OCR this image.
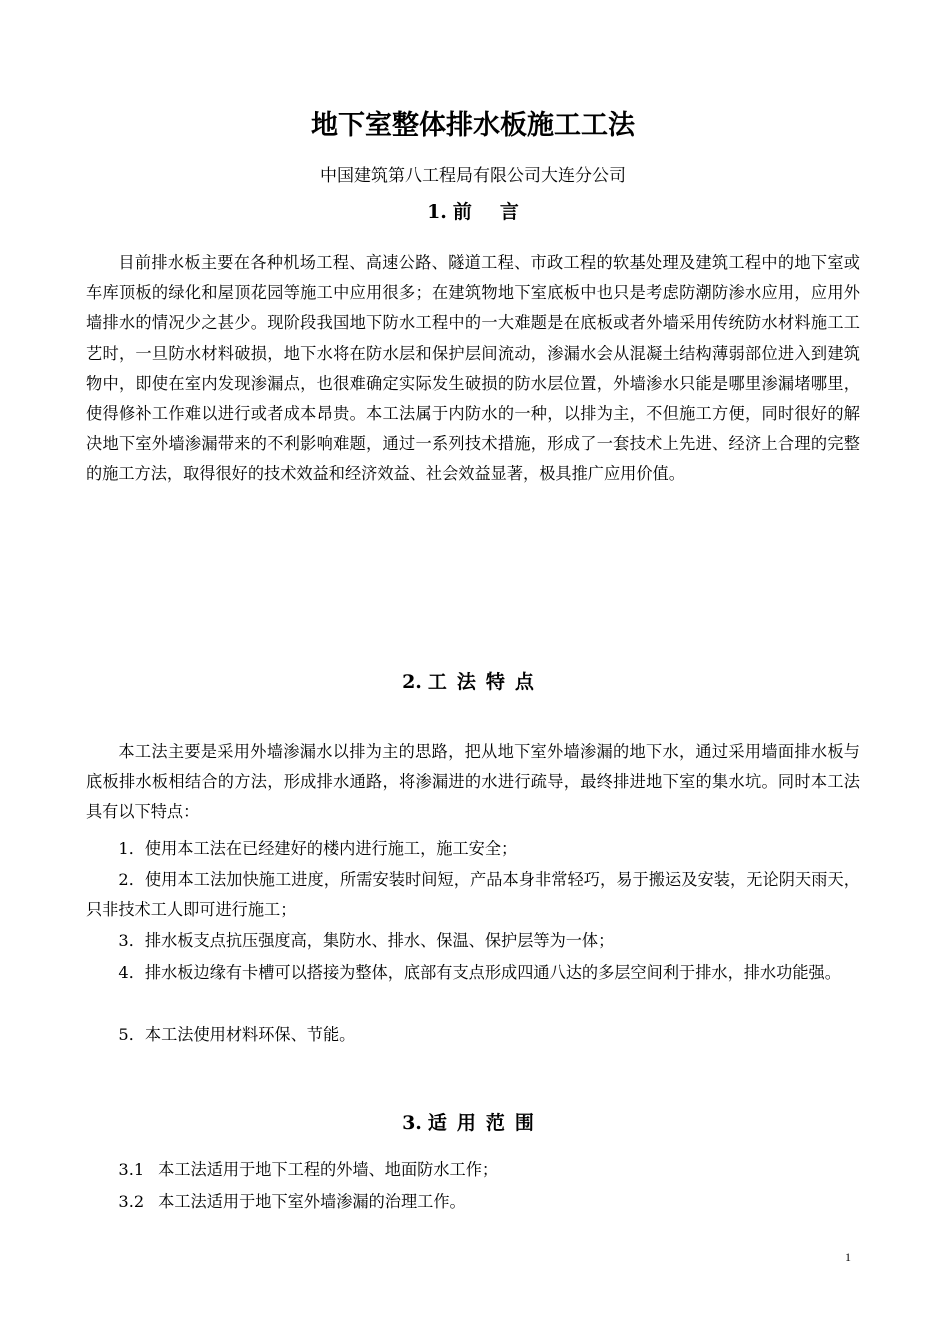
地下室整体排水板施工工法
中国建筑第八工程局有限公司大连分公司
1. 前言

目前排水板主要在各种机场工程、高速公路、隧道工程、市政工程的软基处理及建筑工程中的地下室或车库顶板的绿化和屋顶花园等施工中应用很多；在建筑物地下室底板中也只是考虑防潮防渗水应用，应用外墙排水的情况少之甚少。现阶段我国地下防水工程中的一大难题是在底板或者外墙采用传统防水材料施工工艺时，一旦防水材料破损，地下水将在防水层和保护层间流动，渗漏水会从混凝土结构薄弱部位进入到建筑物中，即使在室内发现渗漏点，也很难确定实际发生破损的防水层位置，外墙渗水只能是哪里渗漏堵哪里，使得修补工作难以进行或者成本昂贵。本工法属于内防水的一种，以排为主，不但施工方便，同时很好的解决地下室外墙渗漏带来的不利影响难题，通过一系列技术措施，形成了一套技术上先进、经济上合理的完整的施工方法，取得很好的技术效益和经济效益、社会效益显著，极具推广应用价值。

2. 工法特点

本工法主要是采用外墙渗漏水以排为主的思路，把从地下室外墙渗漏的地下水，通过采用墙面排水板与底板排水板相结合的方法，形成排水通路，将渗漏进的水进行疏导，最终排进地下室的集水坑。同时本工法具有以下特点：

1．使用本工法在已经建好的楼内进行施工，施工安全；

2．使用本工法加快施工进度，所需安装时间短，产品本身非常轻巧，易于搬运及安装，无论阴天雨天，只非技术工人即可进行施工；

3．排水板支点抗压强度高，集防水、排水、保温、保护层等为一体；

4．排水板边缘有卡槽可以搭接为整体，底部有支点形成四通八达的多层空间利于排水，排水功能强。

5．本工法使用材料环保、节能。

3. 适用范围

3.1 本工法适用于地下工程的外墙、地面防水工作；

3.2 本工法适用于地下室外墙渗漏的治理工作。

1
